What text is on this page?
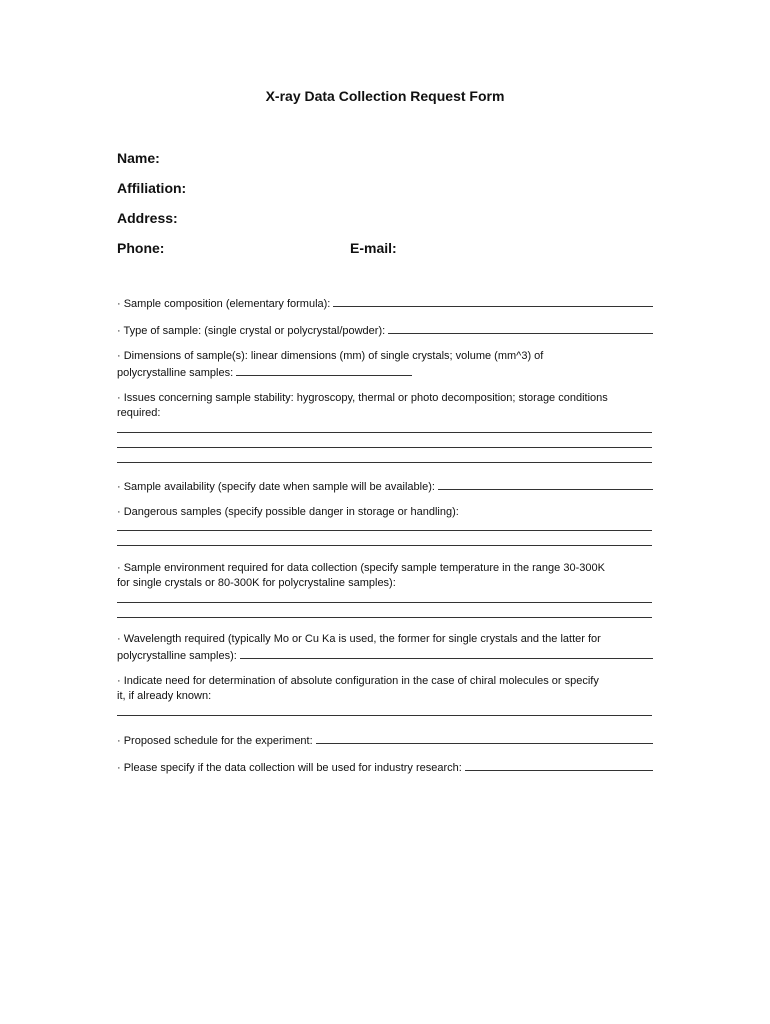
X-ray Data Collection Request Form
Name:
Affiliation:
Address:
Phone:	E-mail:
· Sample composition (elementary formula):
· Type of sample: (single crystal or polycrystal/powder):
· Dimensions of sample(s): linear dimensions (mm) of single crystals; volume (mm^3) of
polycrystalline samples:
· Issues concerning sample stability: hygroscopy, thermal or photo decomposition; storage conditions
required:
· Sample availability (specify date when sample will be available):
· Dangerous samples (specify possible danger in storage or handling):
· Sample environment required for data collection (specify sample temperature in the range 30-300K
for single crystals or 80-300K for polycrystaline samples):
· Wavelength required (typically Mo or Cu Ka is used, the former for single crystals and the latter for
polycrystalline samples):
· Indicate need for determination of absolute configuration in the case of chiral molecules or specify
it, if already known:
· Proposed schedule for the experiment:
· Please specify if the data collection will be used for industry research:
